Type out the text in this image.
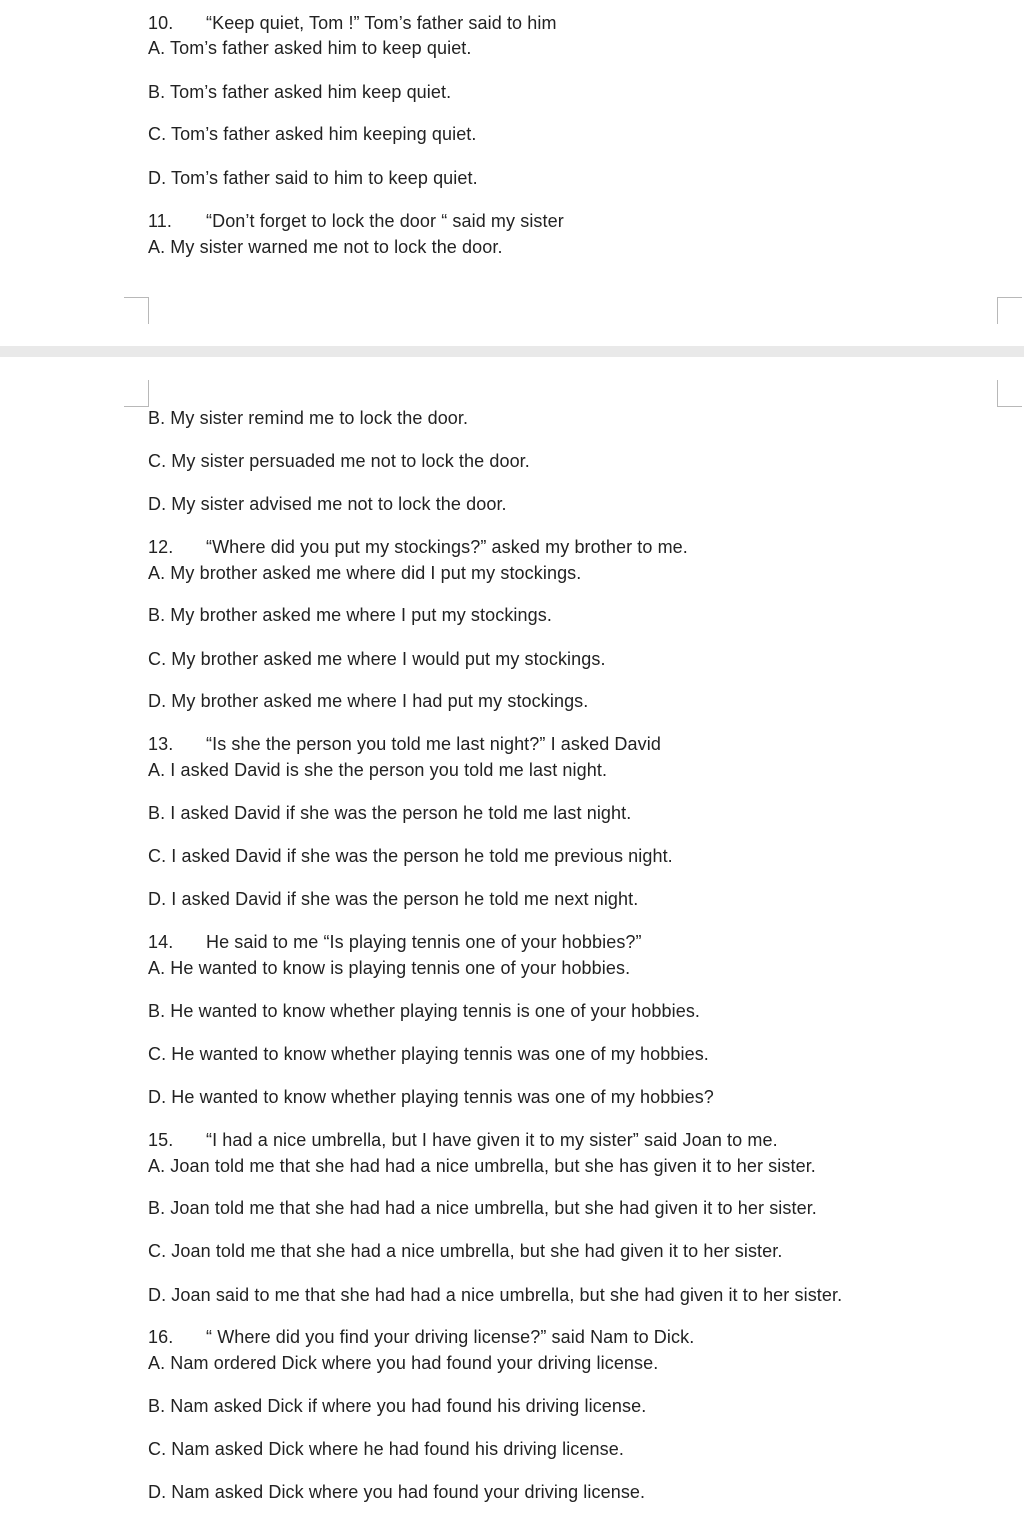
10. “Keep quiet, Tom !” Tom’s father said to him
A. Tom’s father asked him to keep quiet.
B. Tom’s father asked him keep quiet.
C. Tom’s father asked him keeping quiet.
D. Tom’s father said to him to keep quiet.
11. “Don’t forget to lock the door “ said my sister
A. My sister warned me not to lock the door.
B. My sister remind me to lock the door.
C. My sister persuaded me not to lock the door.
D. My sister advised me not to lock the door.
12. “Where did you put my stockings?” asked my brother to me.
A. My brother asked me where did I put my stockings.
B. My brother asked me where I put my stockings.
C. My brother asked me where I would put my stockings.
D. My brother asked me where I had put my stockings.
13. “Is she the person you told me last night?” I asked David
A. I asked David is she the person you told me last night.
B. I asked David if she was the person he told me last night.
C. I asked David if she was the person he told me previous night.
D. I asked David if she was the person he told me next night.
14. He said to me “Is playing tennis one of your hobbies?”
A. He wanted to know is playing tennis one of your hobbies.
B. He wanted to know whether playing tennis is one of your hobbies.
C. He wanted to know whether playing tennis was one of my hobbies.
D. He wanted to know whether playing tennis was one of my hobbies?
15. “I had a nice umbrella, but I have given it to my sister” said Joan to me.
A. Joan told me that she had had a nice umbrella, but she has given it to her sister.
B. Joan told me that she had had a nice umbrella, but she had given it to her sister.
C. Joan told me that she had a nice umbrella, but she had given it to her sister.
D. Joan said to me that she had had a nice umbrella, but she had given it to her sister.
16. “ Where did you find your driving license?” said Nam to Dick.
A. Nam ordered Dick where you had found your driving license.
B. Nam asked Dick if where you had found his driving license.
C. Nam asked Dick where he had found his driving license.
D. Nam asked Dick where you had found your driving license.
